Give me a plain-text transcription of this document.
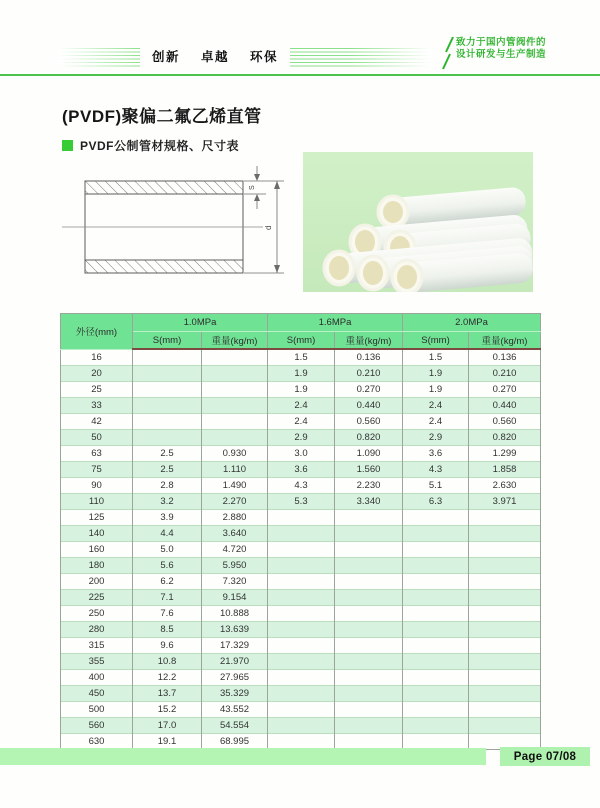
创新 卓越 环保
致力于国内管阀件的
设计研发与生产制造
(PVDF)聚偏二氟乙烯直管
PVDF公制管材规格、尺寸表
d
S
外径(mm)	1.0MPa		1.6MPa		2.0MPa	
	S(mm)	重量(kg/m)	S(mm)	重量(kg/m)	S(mm)	重量(kg/m)
16			1.5	0.136	1.5	0.136
20			1.9	0.210	1.9	0.210
25			1.9	0.270	1.9	0.270
33			2.4	0.440	2.4	0.440
42			2.4	0.560	2.4	0.560
50			2.9	0.820	2.9	0.820
63	2.5	0.930	3.0	1.090	3.6	1.299
75	2.5	1.110	3.6	1.560	4.3	1.858
90	2.8	1.490	4.3	2.230	5.1	2.630
110	3.2	2.270	5.3	3.340	6.3	3.971
125	3.9	2.880				
140	4.4	3.640				
160	5.0	4.720				
180	5.6	5.950				
200	6.2	7.320				
225	7.1	9.154				
250	7.6	10.888				
280	8.5	13.639				
315	9.6	17.329				
355	10.8	21.970				
400	12.2	27.965				
450	13.7	35.329				
500	15.2	43.552				
560	17.0	54.554				
630	19.1	68.995				
Page 07/08
